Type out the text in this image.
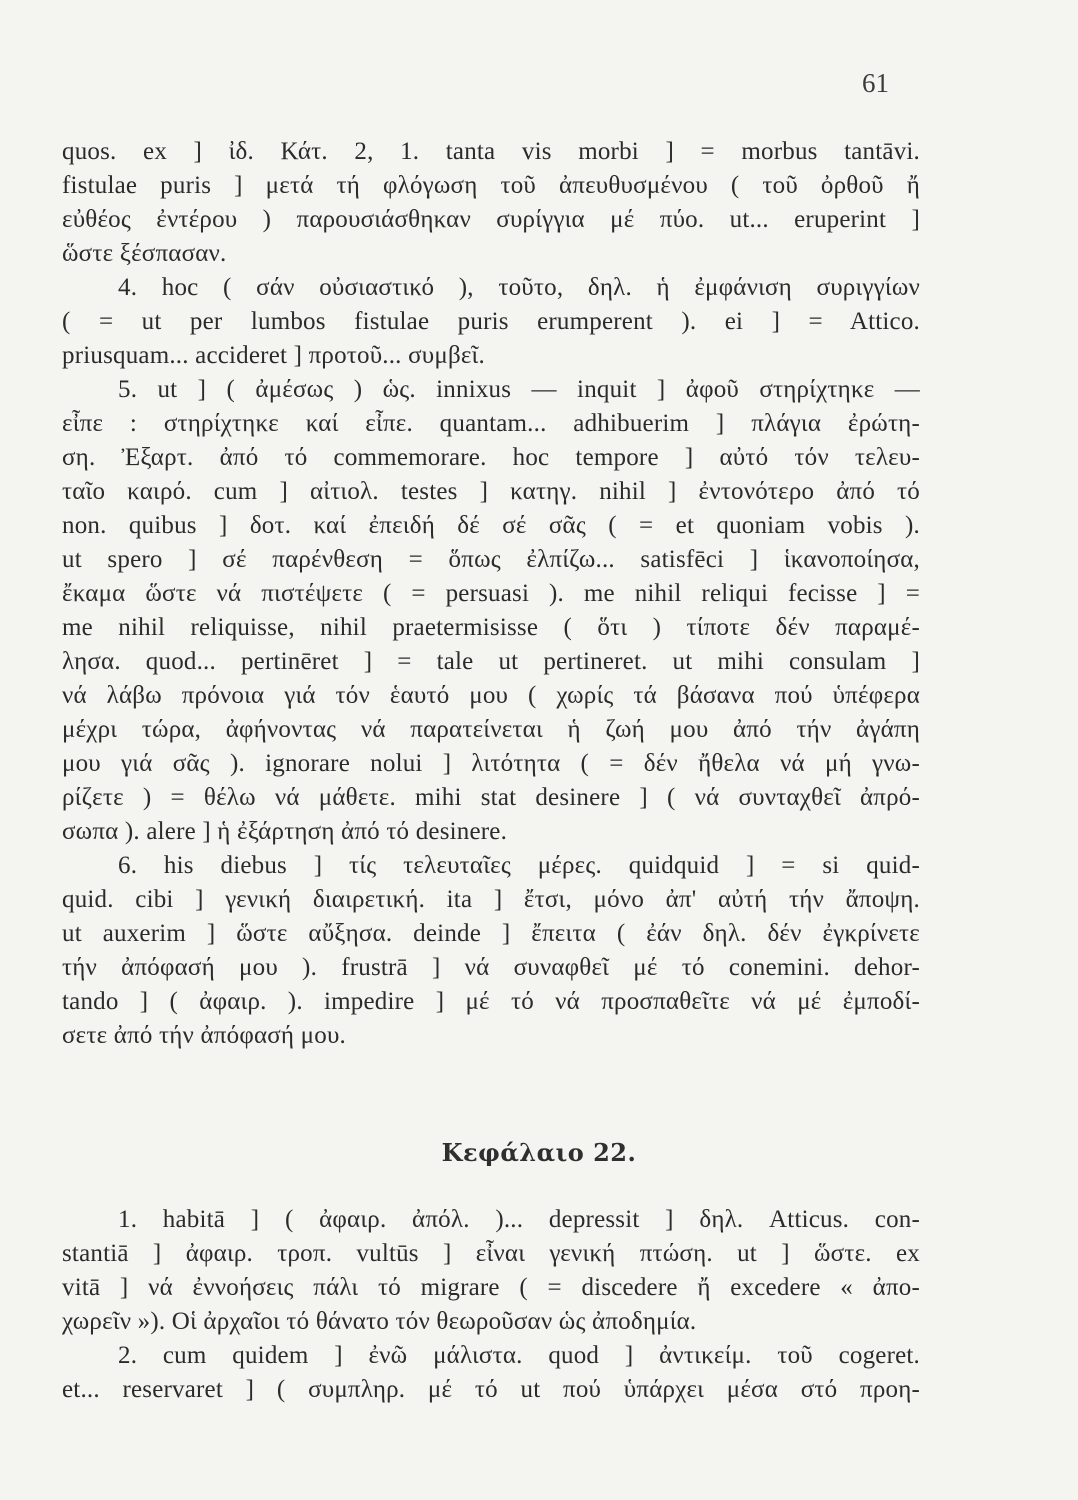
61
quos. ex ] ἰδ. Κάτ. 2, 1. tanta vis morbi ] = morbus tantāvi.
fistulae puris ] μετά τή φλόγωση τοῦ ἀπευθυσμένου ( τοῦ ὀρθοῦ ἤ
εὐθέος ἐντέρου ) παρουσιάσθηκαν συρίγγια μέ πύο. ut... eruperint ]
ὥστε ξέσπασαν.
4. hoc ( σάν οὐσιαστικό ), τοῦτο, δηλ. ἡ ἐμφάνιση συριγγίων
( = ut per lumbos fistulae puris erumperent ). ei ] = Attico.
priusquam... accideret ] προτοῦ... συμβεῖ.
5. ut ] ( ἀμέσως ) ὡς. innixus — inquit ] ἀφοῦ στηρίχτηκε —
εἶπε : στηρίχτηκε καί εἶπε. quantam... adhibuerim ] πλάγια ἐρώτη-
ση. Ἐξαρτ. ἀπό τό commemorare. hoc tempore ] αὐτό τόν τελευ-
ταῖο καιρό. cum ] αἰτιολ. testes ] κατηγ. nihil ] ἐντονότερο ἀπό τό
non. quibus ] δοτ. καί ἐπειδή δέ σέ σᾶς ( = et quoniam vobis ).
ut spero ] σέ παρένθεση = ὅπως ἐλπίζω... satisfēci ] ἱκανοποίησα,
ἔκαμα ὥστε νά πιστέψετε ( = persuasi ). me nihil reliqui fecisse ] =
me nihil reliquisse, nihil praetermisisse ( ὅτι ) τίποτε δέν παραμέ-
λησα. quod... pertinēret ] = tale ut pertineret. ut mihi consulam ]
νά λάβω πρόνοια γιά τόν ἑαυτό μου ( χωρίς τά βάσανα πού ὑπέφερα
μέχρι τώρα, ἀφήνοντας νά παρατείνεται ἡ ζωή μου ἀπό τήν ἀγάπη
μου γιά σᾶς ). ignorare nolui ] λιτότητα ( = δέν ἤθελα νά μή γνω-
ρίζετε ) = θέλω νά μάθετε. mihi stat desinere ] ( νά συνταχθεῖ ἀπρό-
σωπα ). alere ] ἡ ἐξάρτηση ἀπό τό desinere.
6. his diebus ] τίς τελευταῖες μέρες. quidquid ] = si quid-
quid. cibi ] γενική διαιρετική. ita ] ἔτσι, μόνο ἀπ' αὐτή τήν ἄποψη.
ut auxerim ] ὥστε αὔξησα. deinde ] ἔπειτα ( ἐάν δηλ. δέν ἐγκρίνετε
τήν ἀπόφασή μου ). frustrā ] νά συναφθεῖ μέ τό conemini. dehor-
tando ] ( ἀφαιρ. ). impedire ] μέ τό νά προσπαθεῖτε νά μέ ἐμποδί-
σετε ἀπό τήν ἀπόφασή μου.
Κεφάλαιο 22.
1. habitā ] ( ἀφαιρ. ἀπόλ. )... depressit ] δηλ. Atticus. con-
stantiā ] ἀφαιρ. τροπ. vultūs ] εἶναι γενική πτώση. ut ] ὥστε. ex
vitā ] νά ἐννοήσεις πάλι τό migrare ( = discedere ἤ excedere « ἀπο-
χωρεῖν »). Οἱ ἀρχαῖοι τό θάνατο τόν θεωροῦσαν ὡς ἀποδημία.
2. cum quidem ] ἐνῶ μάλιστα. quod ] ἀντικείμ. τοῦ cogeret.
et... reservaret ] ( συμπληρ. μέ τό ut πού ὑπάρχει μέσα στό προη-
